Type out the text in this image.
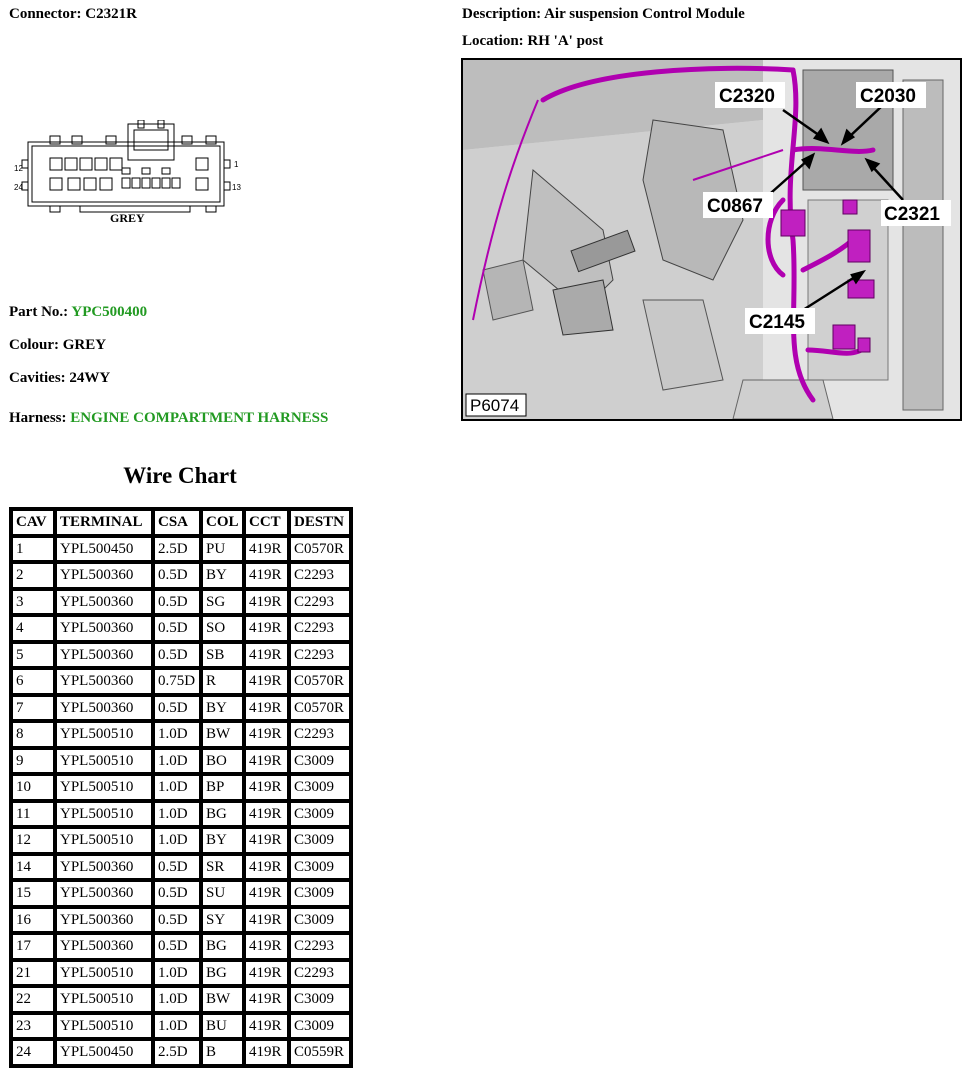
Connector: C2321R	Description: Air suspension Control Module
Location: RH 'A' post
12	1
24	13
GREY
Part No.: YPC500400
Colour: GREY
Cavities: 24WY
Harness: ENGINE COMPARTMENT HARNESS
C2320	C2030
C0867	C2321
C2145
P6074
Wire Chart
CAV	TERMINAL	CSA	COL	CCT	DESTN
1	YPL500450	2.5D	PU	419R	C0570R
2	YPL500360	0.5D	BY	419R	C2293
3	YPL500360	0.5D	SG	419R	C2293
4	YPL500360	0.5D	SO	419R	C2293
5	YPL500360	0.5D	SB	419R	C2293
6	YPL500360	0.75D	R	419R	C0570R
7	YPL500360	0.5D	BY	419R	C0570R
8	YPL500510	1.0D	BW	419R	C2293
9	YPL500510	1.0D	BO	419R	C3009
10	YPL500510	1.0D	BP	419R	C3009
11	YPL500510	1.0D	BG	419R	C3009
12	YPL500510	1.0D	BY	419R	C3009
14	YPL500360	0.5D	SR	419R	C3009
15	YPL500360	0.5D	SU	419R	C3009
16	YPL500360	0.5D	SY	419R	C3009
17	YPL500360	0.5D	BG	419R	C2293
21	YPL500510	1.0D	BG	419R	C2293
22	YPL500510	1.0D	BW	419R	C3009
23	YPL500510	1.0D	BU	419R	C3009
24	YPL500450	2.5D	B	419R	C0559R
